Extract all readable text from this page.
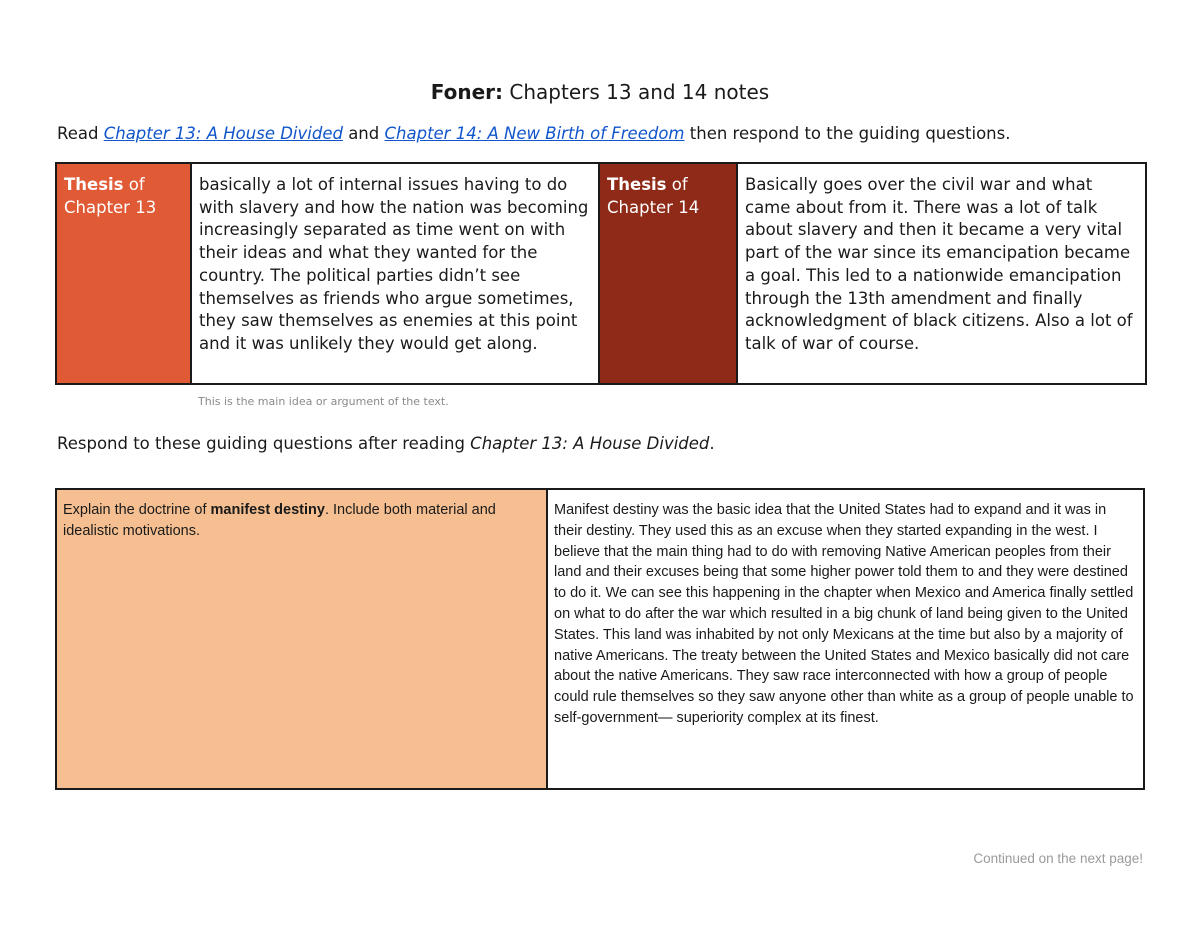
Foner: Chapters 13 and 14 notes
Read Chapter 13: A House Divided and Chapter 14: A New Birth of Freedom then respond to the guiding questions.
Thesis of Chapter 13	basically a lot of internal issues having to do with slavery and how the nation was becoming increasingly separated as time went on with their ideas and what they wanted for the country. The political parties didn’t see themselves as friends who argue sometimes, they saw themselves as enemies at this point and it was unlikely they would get along.	Thesis of Chapter 14	Basically goes over the civil war and what came about from it. There was a lot of talk about slavery and then it became a very vital part of the war since its emancipation became a goal. This led to a nationwide emancipation through the 13th amendment and finally acknowledgment of black citizens. Also a lot of talk of war of course.
This is the main idea or argument of the text.
Respond to these guiding questions after reading Chapter 13: A House Divided.
Explain the doctrine of manifest destiny. Include both material and idealistic motivations.	Manifest destiny was the basic idea that the United States had to expand and it was in their destiny. They used this as an excuse when they started expanding in the west. I believe that the main thing had to do with removing Native American peoples from their land and their excuses being that some higher power told them to and they were destined to do it. We can see this happening in the chapter when Mexico and America finally settled on what to do after the war which resulted in a big chunk of land being given to the United States. This land was inhabited by not only Mexicans at the time but also by a majority of native Americans. The treaty between the United States and Mexico basically did not care about the native Americans. They saw race interconnected with how a group of people could rule themselves so they saw anyone other than white as a group of people unable to self-government— superiority complex at its finest.
Continued on the next page!
